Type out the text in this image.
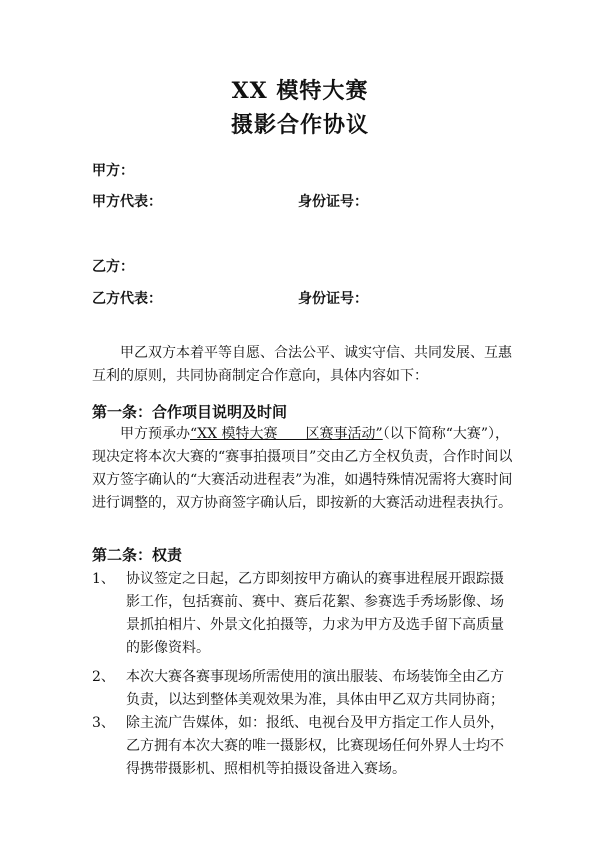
XX 模特大赛
摄影合作协议
甲方：
甲方代表：	身份证号：
乙方：
乙方代表：	身份证号：
甲乙双方本着平等自愿、合法公平、诚实守信、共同发展、互惠互利的原则，共同协商制定合作意向，具体内容如下：
第一条：合作项目说明及时间
甲方预承办“XX 模特大赛　　区赛事活动”（以下简称“大赛”），现决定将本次大赛的“赛事拍摄项目”交由乙方全权负责，合作时间以双方签字确认的“大赛活动进程表”为准，如遇特殊情况需将大赛时间进行调整的，双方协商签字确认后，即按新的大赛活动进程表执行。
第二条：权责
1、 协议签定之日起，乙方即刻按甲方确认的赛事进程展开跟踪摄影工作，包括赛前、赛中、赛后花絮、参赛选手秀场影像、场景抓拍相片、外景文化拍摄等，力求为甲方及选手留下高质量的影像资料。
2、 本次大赛各赛事现场所需使用的演出服装、布场装饰全由乙方负责，以达到整体美观效果为准，具体由甲乙双方共同协商；
3、 除主流广告媒体，如：报纸、电视台及甲方指定工作人员外，乙方拥有本次大赛的唯一摄影权，比赛现场任何外界人士均不得携带摄影机、照相机等拍摄设备进入赛场。
